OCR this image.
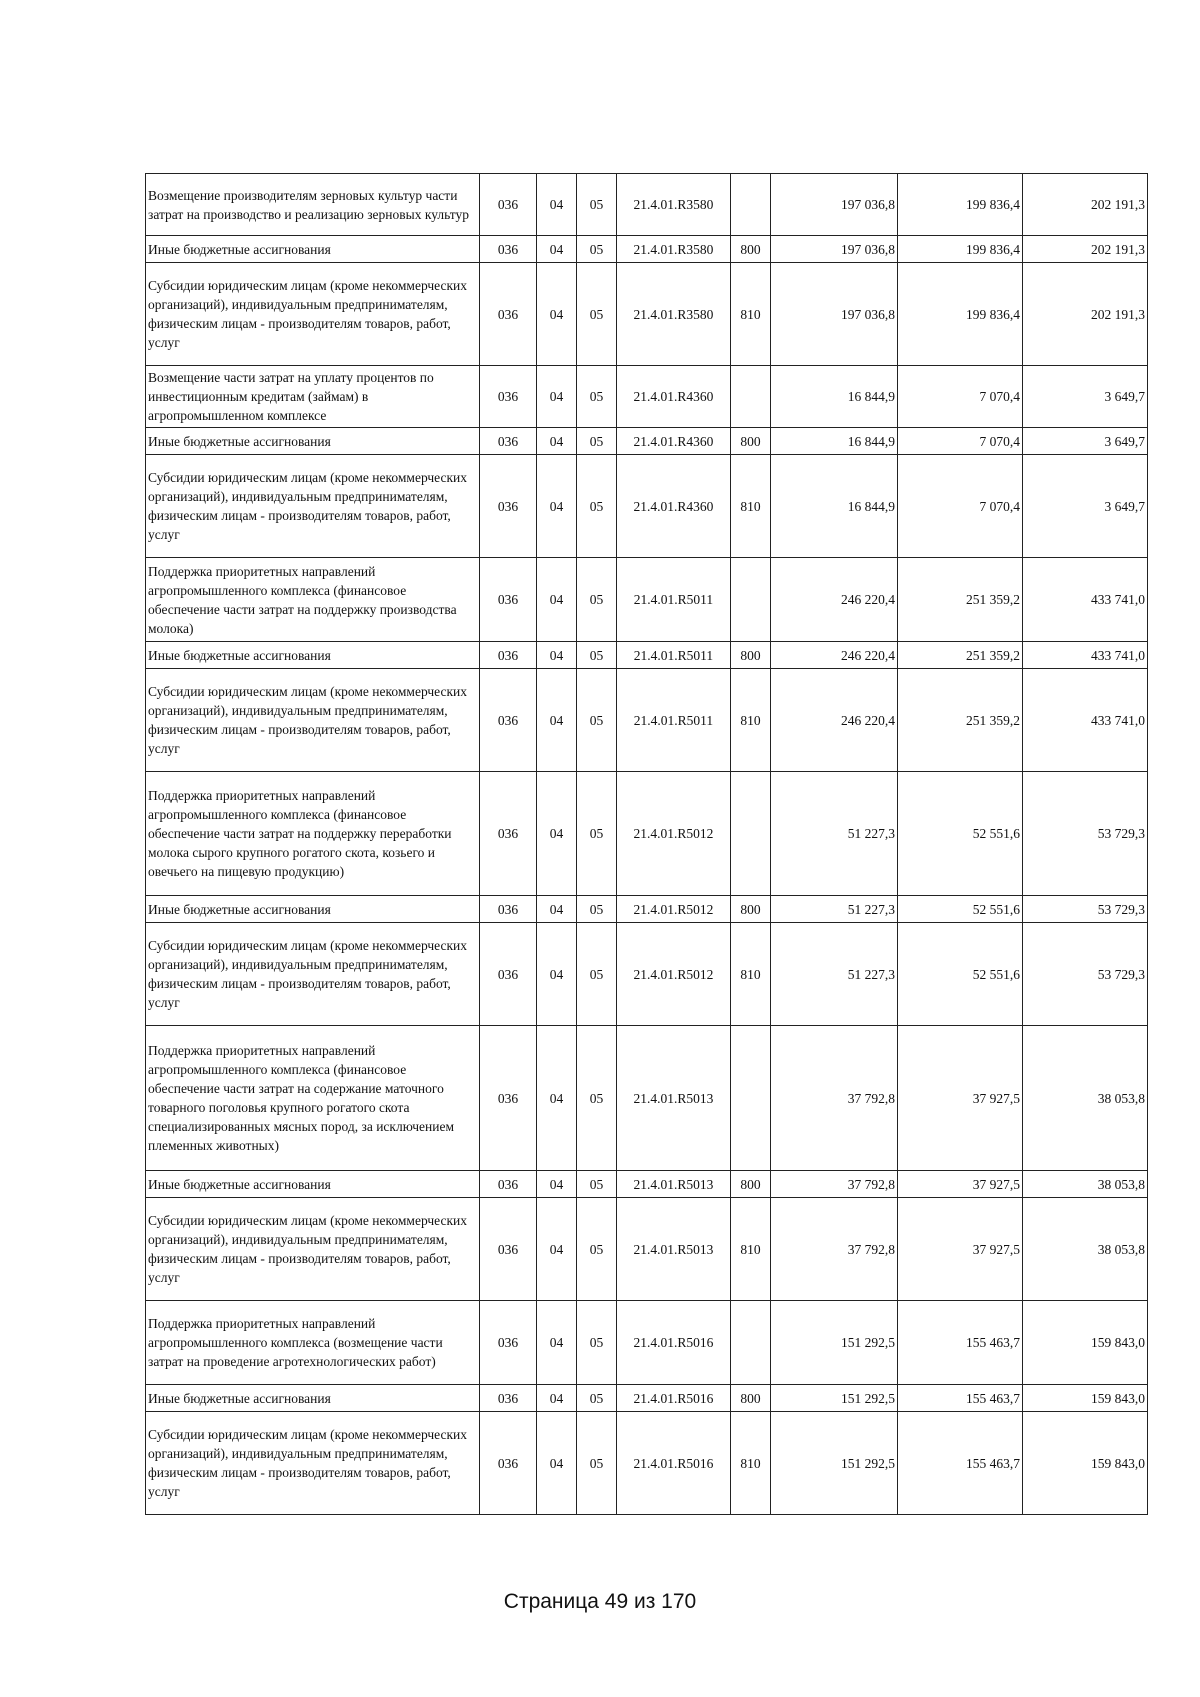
Возмещение производителям зерновых культур части затрат на производство и реализацию зерновых культур	036	04	05	21.4.01.R3580		197 036,8	199 836,4	202 191,3
Иные бюджетные ассигнования	036	04	05	21.4.01.R3580	800	197 036,8	199 836,4	202 191,3
Субсидии юридическим лицам (кроме некоммерческих организаций), индивидуальным предпринимателям, физическим лицам - производителям товаров, работ, услуг	036	04	05	21.4.01.R3580	810	197 036,8	199 836,4	202 191,3
Возмещение части затрат на уплату процентов по инвестиционным кредитам (займам) в агропромышленном комплексе	036	04	05	21.4.01.R4360		16 844,9	7 070,4	3 649,7
Иные бюджетные ассигнования	036	04	05	21.4.01.R4360	800	16 844,9	7 070,4	3 649,7
Субсидии юридическим лицам (кроме некоммерческих организаций), индивидуальным предпринимателям, физическим лицам - производителям товаров, работ, услуг	036	04	05	21.4.01.R4360	810	16 844,9	7 070,4	3 649,7
Поддержка приоритетных направлений агропромышленного комплекса (финансовое обеспечение части затрат на поддержку производства молока)	036	04	05	21.4.01.R5011		246 220,4	251 359,2	433 741,0
Иные бюджетные ассигнования	036	04	05	21.4.01.R5011	800	246 220,4	251 359,2	433 741,0
Субсидии юридическим лицам (кроме некоммерческих организаций), индивидуальным предпринимателям, физическим лицам - производителям товаров, работ, услуг	036	04	05	21.4.01.R5011	810	246 220,4	251 359,2	433 741,0
Поддержка приоритетных направлений агропромышленного комплекса (финансовое обеспечение части затрат на поддержку переработки молока сырого крупного рогатого скота, козьего и овечьего на пищевую продукцию)	036	04	05	21.4.01.R5012		51 227,3	52 551,6	53 729,3
Иные бюджетные ассигнования	036	04	05	21.4.01.R5012	800	51 227,3	52 551,6	53 729,3
Субсидии юридическим лицам (кроме некоммерческих организаций), индивидуальным предпринимателям, физическим лицам - производителям товаров, работ, услуг	036	04	05	21.4.01.R5012	810	51 227,3	52 551,6	53 729,3
Поддержка приоритетных направлений агропромышленного комплекса (финансовое обеспечение части затрат на содержание маточного товарного поголовья крупного рогатого скота специализированных мясных пород, за исключением племенных животных)	036	04	05	21.4.01.R5013		37 792,8	37 927,5	38 053,8
Иные бюджетные ассигнования	036	04	05	21.4.01.R5013	800	37 792,8	37 927,5	38 053,8
Субсидии юридическим лицам (кроме некоммерческих организаций), индивидуальным предпринимателям, физическим лицам - производителям товаров, работ, услуг	036	04	05	21.4.01.R5013	810	37 792,8	37 927,5	38 053,8
Поддержка приоритетных направлений агропромышленного комплекса (возмещение части затрат на проведение агротехнологических работ)	036	04	05	21.4.01.R5016		151 292,5	155 463,7	159 843,0
Иные бюджетные ассигнования	036	04	05	21.4.01.R5016	800	151 292,5	155 463,7	159 843,0
Субсидии юридическим лицам (кроме некоммерческих организаций), индивидуальным предпринимателям, физическим лицам - производителям товаров, работ, услуг	036	04	05	21.4.01.R5016	810	151 292,5	155 463,7	159 843,0
Страница 49 из 170
